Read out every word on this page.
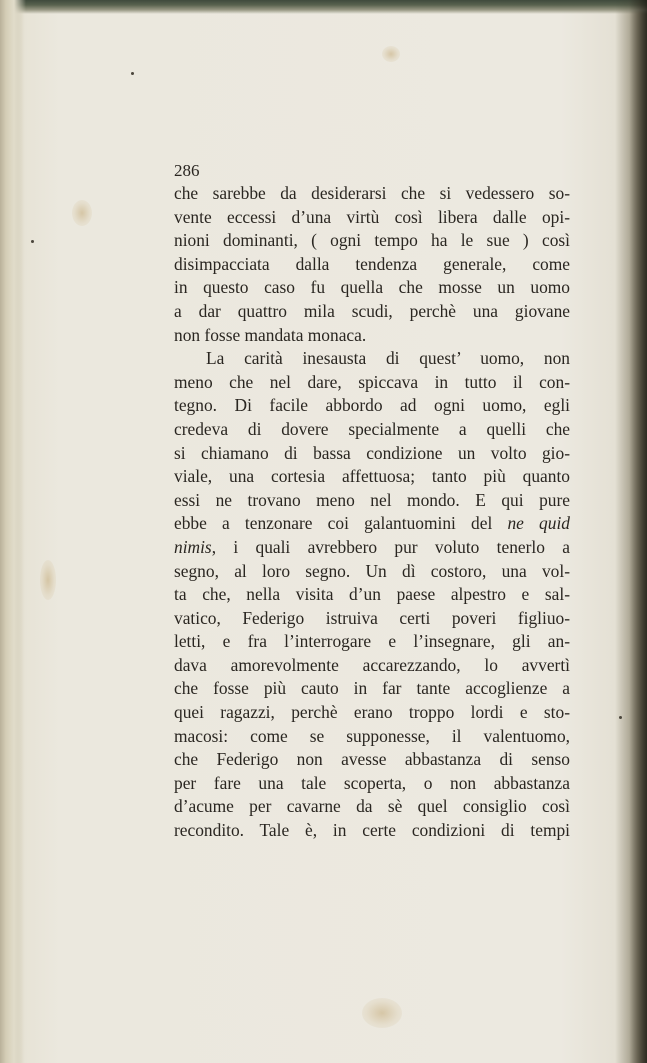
286
che sarebbe da desiderarsi che si vedessero so-
vente eccessi d’una virtù così libera dalle opi-
nioni dominanti, ( ogni tempo ha le sue ) così
disimpacciata dalla tendenza generale, come
in questo caso fu quella che mosse un uomo
a dar quattro mila scudi, perchè una giovane
non fosse mandata monaca.
La carità inesausta di quest’ uomo, non
meno che nel dare, spiccava in tutto il con-
tegno. Di facile abbordo ad ogni uomo, egli
credeva di dovere specialmente a quelli che
si chiamano di bassa condizione un volto gio-
viale, una cortesia affettuosa; tanto più quanto
essi ne trovano meno nel mondo. E qui pure
ebbe a tenzonare coi galantuomini del ne quid
nimis, i quali avrebbero pur voluto tenerlo a
segno, al loro segno. Un dì costoro, una vol-
ta che, nella visita d’un paese alpestro e sal-
vatico, Federigo istruiva certi poveri figliuo-
letti, e fra l’interrogare e l’insegnare, gli an-
dava amorevolmente accarezzando, lo avvertì
che fosse più cauto in far tante accoglienze a
quei ragazzi, perchè erano troppo lordi e sto-
macosi: come se supponesse, il valentuomo,
che Federigo non avesse abbastanza di senso
per fare una tale scoperta, o non abbastanza
d’acume per cavarne da sè quel consiglio così
recondito. Tale è, in certe condizioni di tempi
